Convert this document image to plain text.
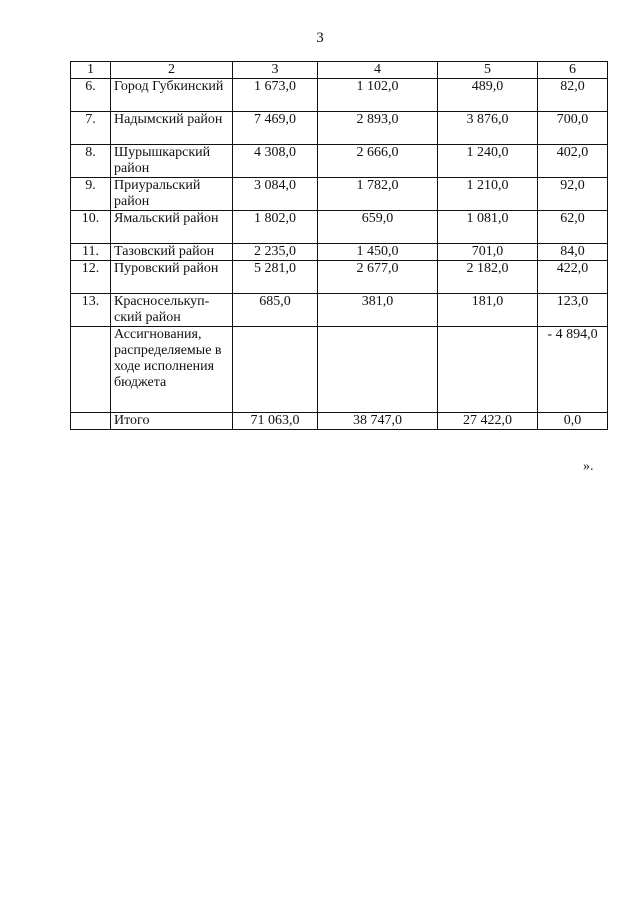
3
1	2	3	4	5	6
6.	Город Губкинский	1 673,0	1 102,0	489,0	82,0
7.	Надымский район	7 469,0	2 893,0	3 876,0	700,0
8.	Шурышкарский район	4 308,0	2 666,0	1 240,0	402,0
9.	Приуральский район	3 084,0	1 782,0	1 210,0	92,0
10.	Ямальский район	1 802,0	659,0	1 081,0	62,0
11.	Тазовский район	2 235,0	1 450,0	701,0	84,0
12.	Пуровский район	5 281,0	2 677,0	2 182,0	422,0
13.	Красноселькуп-ский район	685,0	381,0	181,0	123,0
	Ассигнования, распределяемые в ходе исполнения бюджета				- 4 894,0
	Итого	71 063,0	38 747,0	27 422,0	0,0
».
